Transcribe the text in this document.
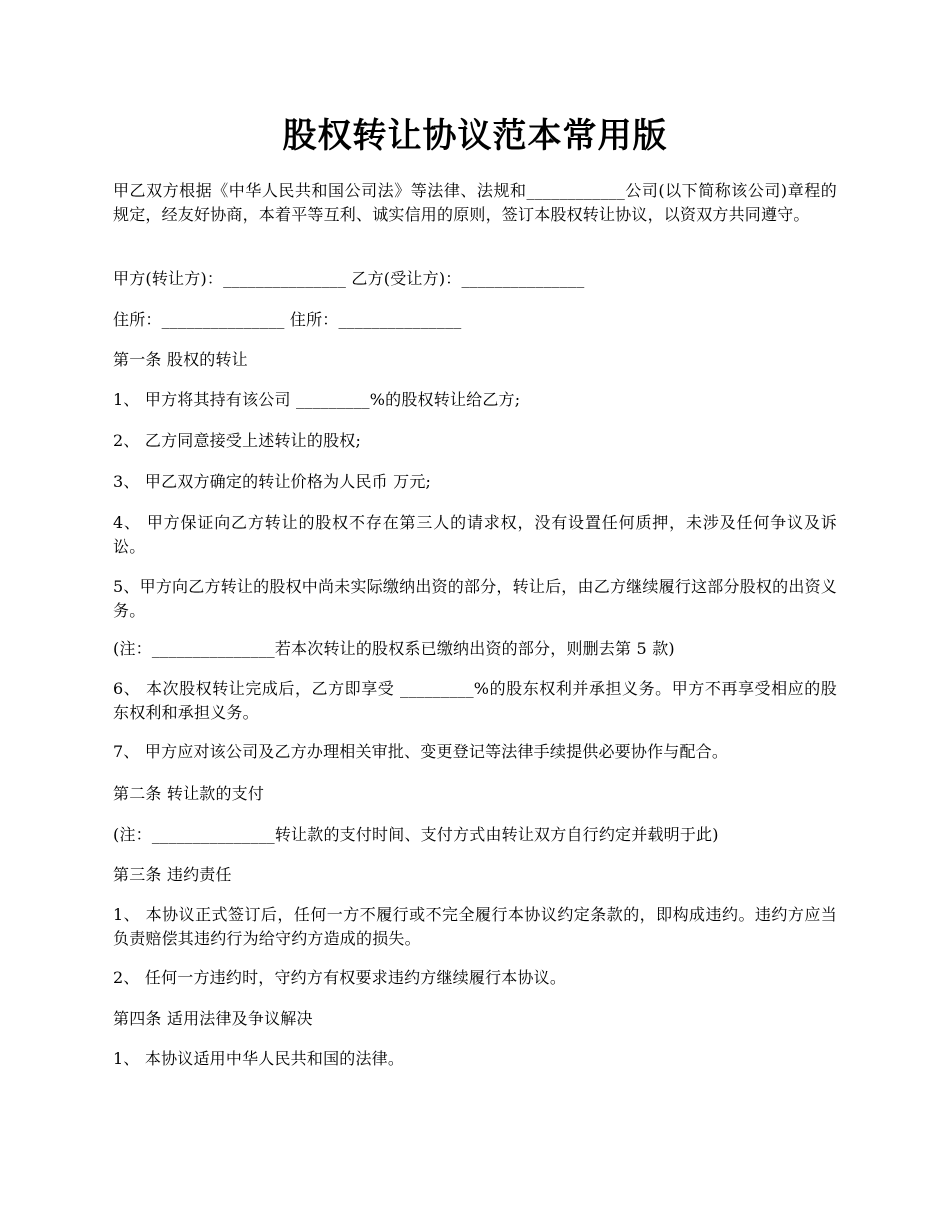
股权转让协议范本常用版

甲乙双方根据《中华人民共和国公司法》等法律、法规和____________公司(以下简称该公司)章程的规定，经友好协商，本着平等互利、诚实信用的原则，签订本股权转让协议，以资双方共同遵守。

甲方(转让方)：_______________ 乙方(受让方)：_______________

住所：_______________ 住所：_______________

第一条 股权的转让

1、 甲方将其持有该公司 _________%的股权转让给乙方;

2、 乙方同意接受上述转让的股权;

3、 甲乙双方确定的转让价格为人民币 万元;

4、 甲方保证向乙方转让的股权不存在第三人的请求权，没有设置任何质押，未涉及任何争议及诉讼。

5、甲方向乙方转让的股权中尚未实际缴纳出资的部分，转让后，由乙方继续履行这部分股权的出资义务。

(注：_______________若本次转让的股权系已缴纳出资的部分，则删去第 5 款)

6、 本次股权转让完成后，乙方即享受 _________%的股东权利并承担义务。甲方不再享受相应的股东权利和承担义务。

7、 甲方应对该公司及乙方办理相关审批、变更登记等法律手续提供必要协作与配合。

第二条 转让款的支付

(注：_______________转让款的支付时间、支付方式由转让双方自行约定并载明于此)

第三条 违约责任

1、 本协议正式签订后，任何一方不履行或不完全履行本协议约定条款的，即构成违约。违约方应当负责赔偿其违约行为给守约方造成的损失。

2、 任何一方违约时，守约方有权要求违约方继续履行本协议。

第四条 适用法律及争议解决

1、 本协议适用中华人民共和国的法律。
